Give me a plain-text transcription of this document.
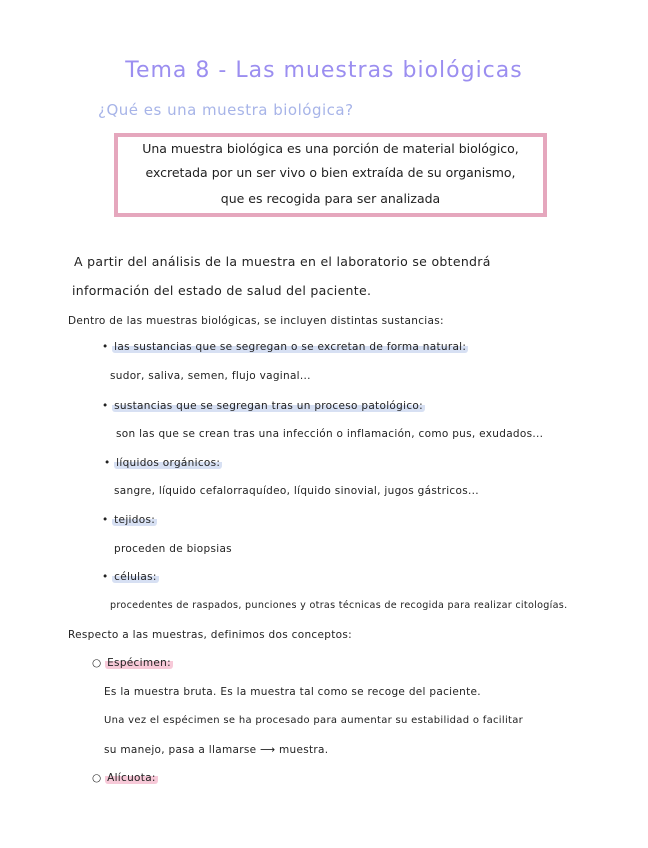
Tema 8 - Las muestras biológicas
¿Qué es una muestra biológica?
Una muestra biológica es una porción de material biológico,
excretada por un ser vivo o bien extraída de su organismo,
que es recogida para ser analizada
A partir del análisis de la muestra en el laboratorio se obtendrá
información del estado de salud del paciente.
Dentro de las muestras biológicas, se incluyen distintas sustancias:
• las sustancias que se segregan o se excretan de forma natural:
sudor, saliva, semen, flujo vaginal...
• sustancias que se segregan tras un proceso patológico:
son las que se crean tras una infección o inflamación, como pus, exudados...
• líquidos orgánicos:
sangre, líquido cefalorraquídeo, líquido sinovial, jugos gástricos...
• tejidos:
proceden de biopsias
• células:
procedentes de raspados, punciones y otras técnicas de recogida para realizar citologías.
Respecto a las muestras, definimos dos conceptos:
○ Espécimen:
Es la muestra bruta. Es la muestra tal como se recoge del paciente.
Una vez el espécimen se ha procesado para aumentar su estabilidad o facilitar
su manejo, pasa a llamarse ⟶ muestra.
○ Alícuota:
